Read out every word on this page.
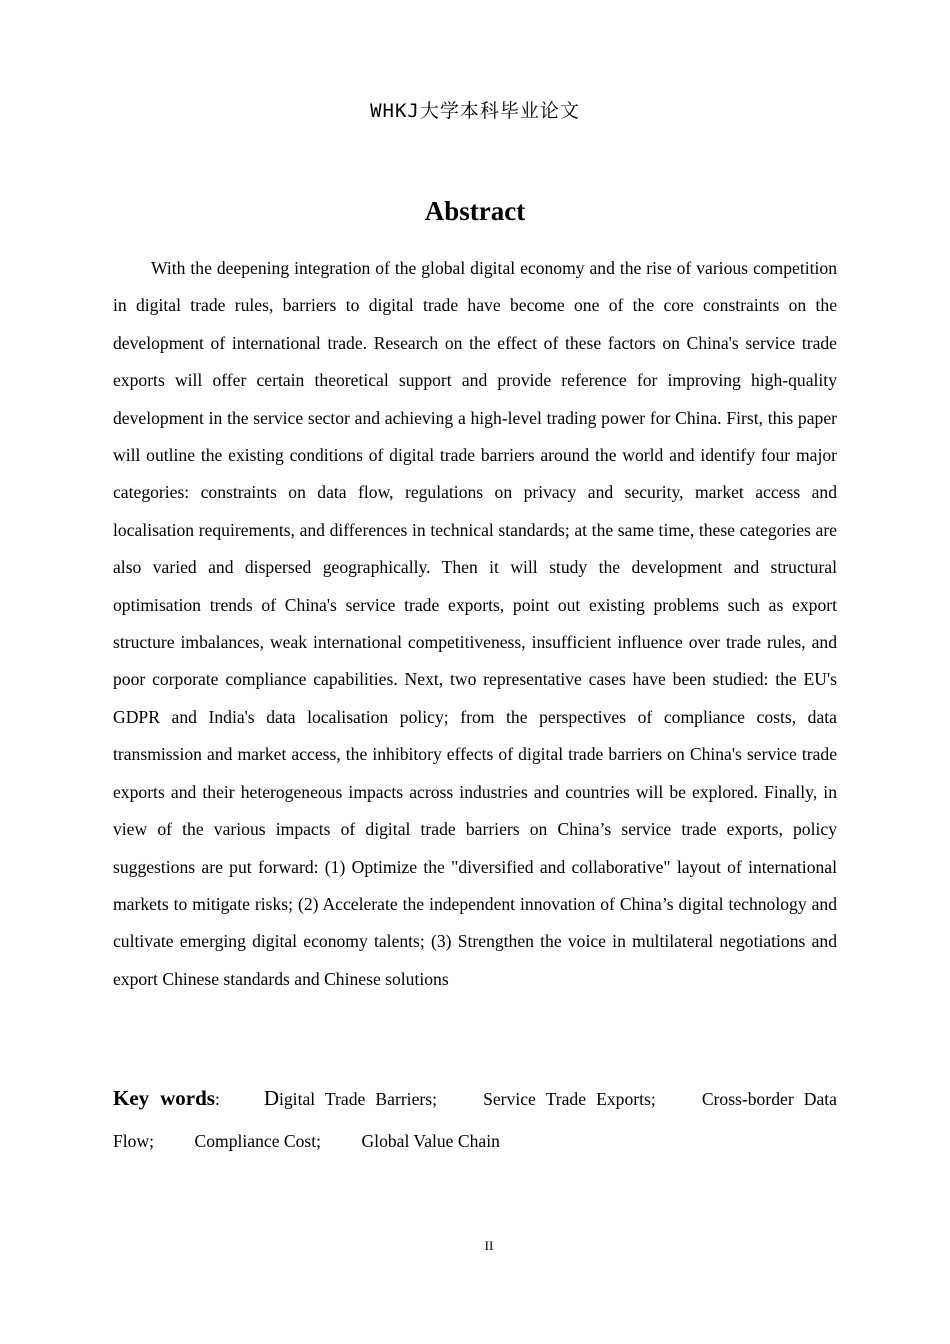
WHKJ大学本科毕业论文
Abstract

With the deepening integration of the global digital economy and the rise of various competition in digital trade rules, barriers to digital trade have become one of the core constraints on the development of international trade. Research on the effect of these factors on China's service trade exports will offer certain theoretical support and provide reference for improving high-quality development in the service sector and achieving a high-level trading power for China. First, this paper will outline the existing conditions of digital trade barriers around the world and identify four major categories: constraints on data flow, regulations on privacy and security, market access and localisation requirements, and differences in technical standards; at the same time, these categories are also varied and dispersed geographically. Then it will study the development and structural optimisation trends of China's service trade exports, point out existing problems such as export structure imbalances, weak international competitiveness, insufficient influence over trade rules, and poor corporate compliance capabilities. Next, two representative cases have been studied: the EU's GDPR and India's data localisation policy; from the perspectives of compliance costs, data transmission and market access, the inhibitory effects of digital trade barriers on China's service trade exports and their heterogeneous impacts across industries and countries will be explored. Finally, in view of the various impacts of digital trade barriers on China’s service trade exports, policy suggestions are put forward: (1) Optimize the "diversified and collaborative" layout of international markets to mitigate risks; (2) Accelerate the independent innovation of China’s digital technology and cultivate emerging digital economy talents; (3) Strengthen the voice in multilateral negotiations and export Chinese standards and Chinese solutions

Key words: Digital Trade Barriers;	Service Trade Exports;	Cross-border Data Flow; Compliance Cost; Global Value Chain
II
